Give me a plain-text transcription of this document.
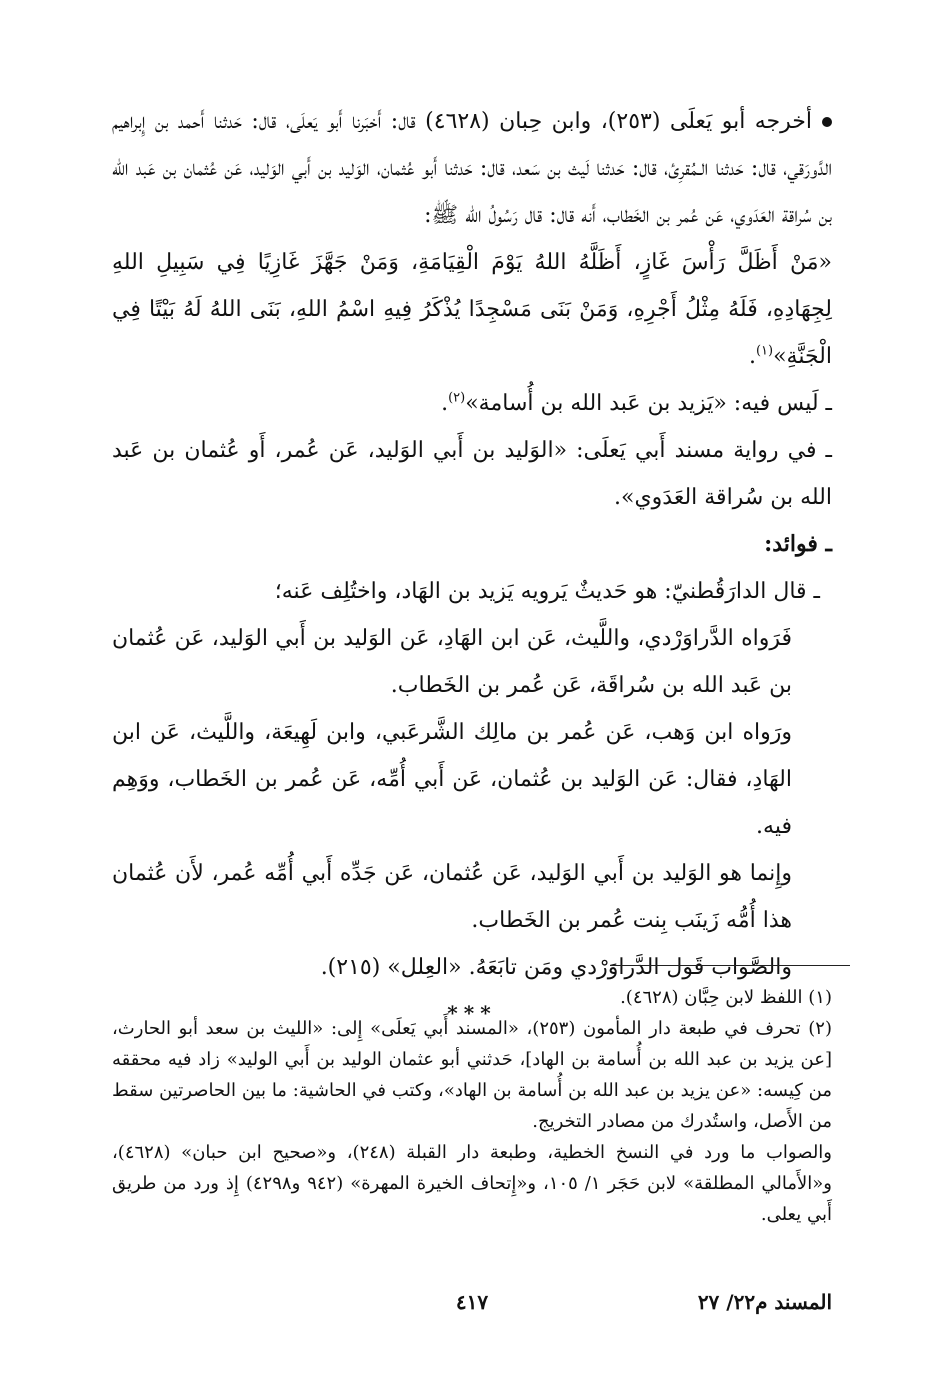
أخرجه أبو يَعلَى (٢٥٣)، وابن حِبان (٤٦٢٨) قال: أَخبَرنا أَبو يَعلَى، قال: حَدثنا أَحمد بن إِبراهيم الدَّورَقي، قال: حَدثنا الـمُقرِئ، قال: حَدثنا لَيث بن سَعد، قال: حَدثنا أَبو عُثمان، الوَليد بن أَبي الوَليد، عَن عُثمان بن عَبد الله بن سُراقة العَدَوي، عَن عُمر بن الخَطاب، أَنه قال: قال رَسُولُ الله ﷺ:

«مَنْ أَظَلَّ رَأْسَ غَازٍ، أَظَلَّهُ اللهُ يَوْمَ الْقِيَامَةِ، وَمَنْ جَهَّزَ غَازِيًا فِي سَبِيلِ اللهِ لِجِهَادِهِ، فَلَهُ مِثْلُ أَجْرِهِ، وَمَنْ بَنَى مَسْجِدًا يُذْكَرُ فِيهِ اسْمُ اللهِ، بَنَى اللهُ لَهُ بَيْتًا فِي الْجَنَّةِ»$^{(١)}$.

ـ لَيس فيه: «يَزيد بن عَبد الله بن أُسامة»$^{(٢)}$.

ـ في رواية مسند أَبي يَعلَى: «الوَليد بن أَبي الوَليد، عَن عُمر، أَو عُثمان بن عَبد الله بن سُراقة العَدَوي».

ـ فوائد:

ـ قال الدارَقُطنيّ: هو حَديثٌ يَرويه يَزيد بن الهَاد، واختُلِف عَنه؛

فَرَواه الدَّراوَرْدي، واللَّيث، عَن ابن الهَادِ، عَن الوَليد بن أَبي الوَليد، عَن عُثمان بن عَبد الله بن سُراقَة، عَن عُمر بن الخَطاب.

ورَواه ابن وَهب، عَن عُمر بن مالِك الشَّرعَبي، وابن لَهِيعَة، واللَّيث، عَن ابن الهَادِ، فقال: عَن الوَليد بن عُثمان، عَن أَبي أُمِّه، عَن عُمر بن الخَطاب، ووَهِم فيه.

وإِنما هو الوَليد بن أَبي الوَليد، عَن عُثمان، عَن جَدِّه أَبي أُمِّه عُمر، لأَن عُثمان هذا أُمُّه زَينَب بِنت عُمر بن الخَطاب.

والصَّواب قَول الدَّراوَرْدي ومَن تابَعَهُ. «العِلل» (٢١٥).

***

(١) اللفظ لابن حِبَّان (٤٦٢٨).

(٢) تحرف في طبعة دار المأمون (٢٥٣)، «المسند أَبي يَعلَى» إِلى: «الليث بن سعد أبو الحارث، [عن يزيد بن عبد الله بن أُسامة بن الهاد]، حَدثني أبو عثمان الوليد بن أَبي الوليد» زاد فيه محققه من كِيسه: «عن يزيد بن عبد الله بن أُسامة بن الهاد»، وكتب في الحاشية: ما بين الحاصرتين سقط من الأَصل، واستُدرك من مصادر التخريج.

والصواب ما ورد في النسخ الخطية، وطبعة دار القبلة (٢٤٨)، و«صحيح ابن حبان» (٤٦٢٨)، و«الأَمالي المطلقة» لابن حَجَر ١/ ١٠٥، و«إِتحاف الخيرة المهرة» (٩٤٢ و٤٢٩٨) إِذ ورد من طريق أَبي يعلى.

المسند م٢٢/ ٢٧
٤١٧
